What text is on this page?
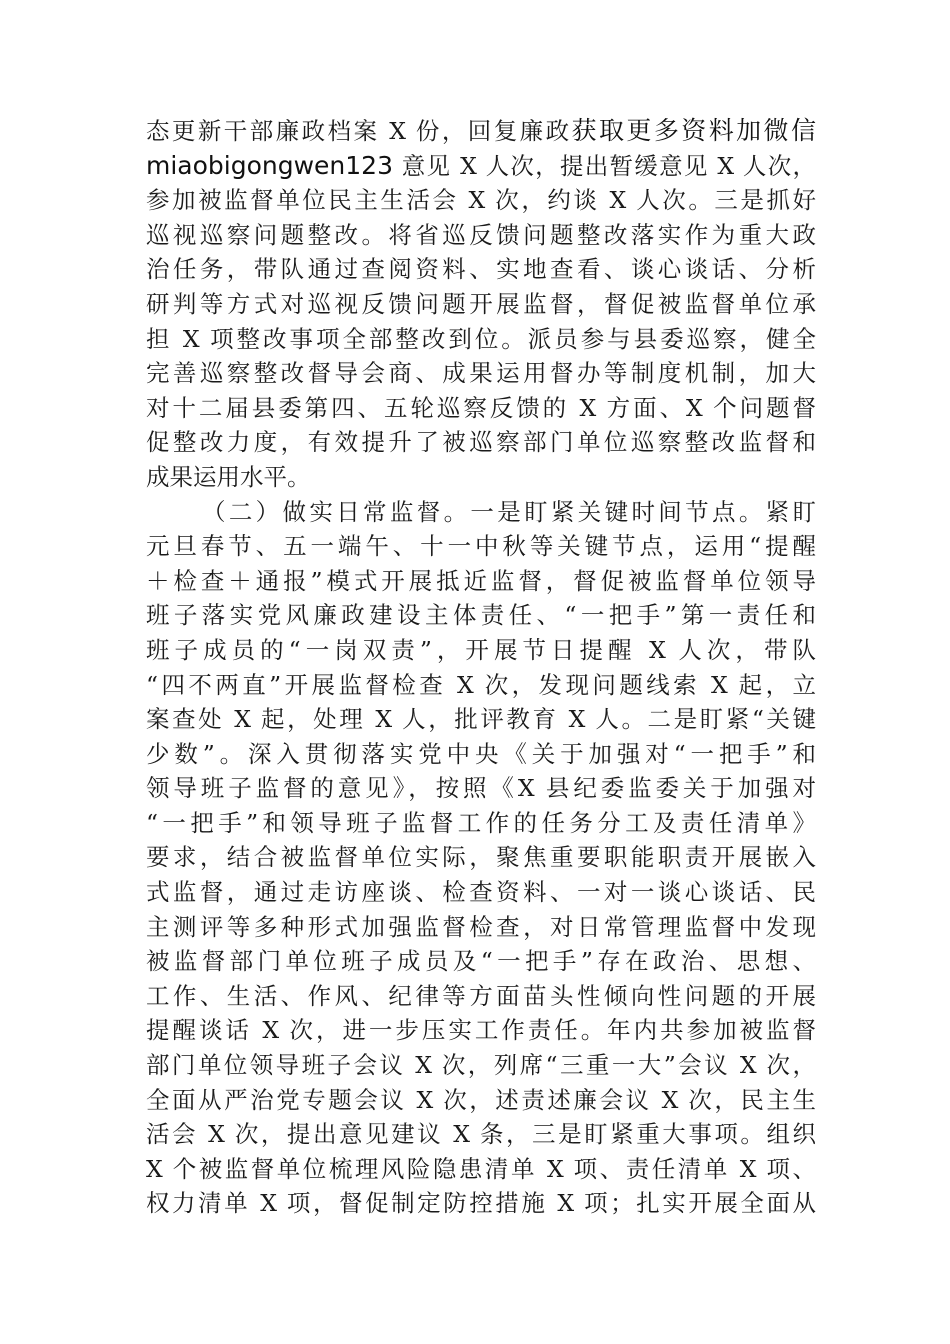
态更新干部廉政档案 X 份，回复廉政获取更多资料加微信
miaobigongwen123 意见 X 人次，提出暂缓意见 X 人次，
参加被监督单位民主生活会 X 次，约谈 X 人次。三是抓好
巡视巡察问题整改。将省巡反馈问题整改落实作为重大政
治任务，带队通过查阅资料、实地查看、谈心谈话、分析
研判等方式对巡视反馈问题开展监督，督促被监督单位承
担 X 项整改事项全部整改到位。派员参与县委巡察，健全
完善巡察整改督导会商、成果运用督办等制度机制，加大
对十二届县委第四、五轮巡察反馈的 X 方面、X 个问题督
促整改力度，有效提升了被巡察部门单位巡察整改监督和
成果运用水平。
（二）做实日常监督。一是盯紧关键时间节点。紧盯
元旦春节、五一端午、十一中秋等关键节点，运用“提醒
＋检查＋通报”模式开展抵近监督，督促被监督单位领导
班子落实党风廉政建设主体责任、“一把手”第一责任和
班子成员的“一岗双责”，开展节日提醒 X 人次，带队
“四不两直”开展监督检查 X 次，发现问题线索 X 起，立
案查处 X 起，处理 X 人，批评教育 X 人。二是盯紧“关键
少数”。深入贯彻落实党中央《关于加强对“一把手”和
领导班子监督的意见》，按照《X 县纪委监委关于加强对
“一把手”和领导班子监督工作的任务分工及责任清单》
要求，结合被监督单位实际，聚焦重要职能职责开展嵌入
式监督，通过走访座谈、检查资料、一对一谈心谈话、民
主测评等多种形式加强监督检查，对日常管理监督中发现
被监督部门单位班子成员及“一把手”存在政治、思想、
工作、生活、作风、纪律等方面苗头性倾向性问题的开展
提醒谈话 X 次，进一步压实工作责任。年内共参加被监督
部门单位领导班子会议 X 次，列席“三重一大”会议 X 次，
全面从严治党专题会议 X 次，述责述廉会议 X 次，民主生
活会 X 次，提出意见建议 X 条，三是盯紧重大事项。组织
X 个被监督单位梳理风险隐患清单 X 项、责任清单 X 项、
权力清单 X 项，督促制定防控措施 X 项；扎实开展全面从
